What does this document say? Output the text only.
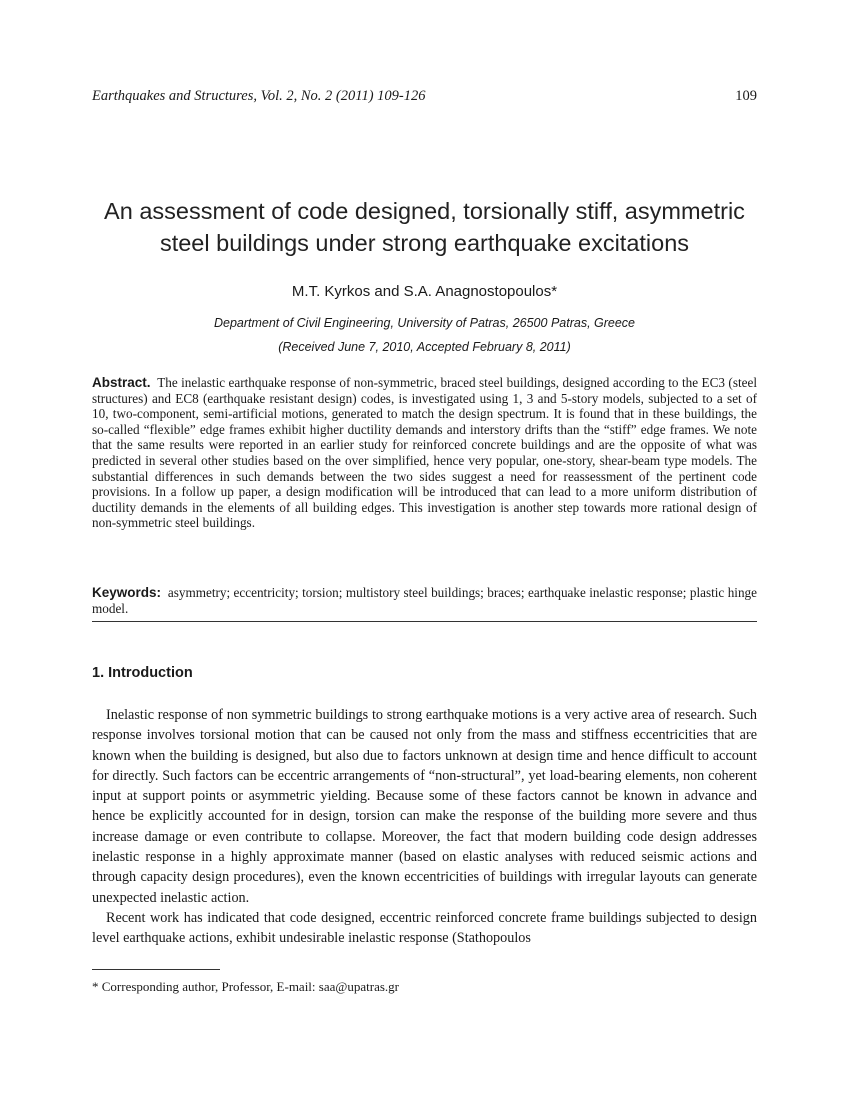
Earthquakes and Structures, Vol. 2, No. 2 (2011) 109-126	109
An assessment of code designed, torsionally stiff, asymmetric
steel buildings under strong earthquake excitations
M.T. Kyrkos and S.A. Anagnostopoulos*
Department of Civil Engineering, University of Patras, 26500 Patras, Greece
(Received June 7, 2010, Accepted February 8, 2011)

Abstract. The inelastic earthquake response of non-symmetric, braced steel buildings, designed according to the EC3 (steel structures) and EC8 (earthquake resistant design) codes, is investigated using 1, 3 and 5-story models, subjected to a set of 10, two-component, semi-artificial motions, generated to match the design spectrum. It is found that in these buildings, the so-called “flexible” edge frames exhibit higher ductility demands and interstory drifts than the “stiff” edge frames. We note that the same results were reported in an earlier study for reinforced concrete buildings and are the opposite of what was predicted in several other studies based on the over simplified, hence very popular, one-story, shear-beam type models. The substantial differences in such demands between the two sides suggest a need for reassessment of the pertinent code provisions. In a follow up paper, a design modification will be introduced that can lead to a more uniform distribution of ductility demands in the elements of all building edges. This investigation is another step towards more rational design of non-symmetric steel buildings.

Keywords: asymmetry; eccentricity; torsion; multistory steel buildings; braces; earthquake inelastic response; plastic hinge model.

1. Introduction

Inelastic response of non symmetric buildings to strong earthquake motions is a very active area of research. Such response involves torsional motion that can be caused not only from the mass and stiffness eccentricities that are known when the building is designed, but also due to factors unknown at design time and hence difficult to account for directly. Such factors can be eccentric arrangements of “non-structural”, yet load-bearing elements, non coherent input at support points or asymmetric yielding. Because some of these factors cannot be known in advance and hence be explicitly accounted for in design, torsion can make the response of the building more severe and thus increase damage or even contribute to collapse. Moreover, the fact that modern building code design addresses inelastic response in a highly approximate manner (based on elastic analyses with reduced seismic actions and through capacity design procedures), even the known eccentricities of buildings with irregular layouts can generate unexpected inelastic action.

Recent work has indicated that code designed, eccentric reinforced concrete frame buildings subjected to design level earthquake actions, exhibit undesirable inelastic response (Stathopoulos

* Corresponding author, Professor, E-mail: saa@upatras.gr
